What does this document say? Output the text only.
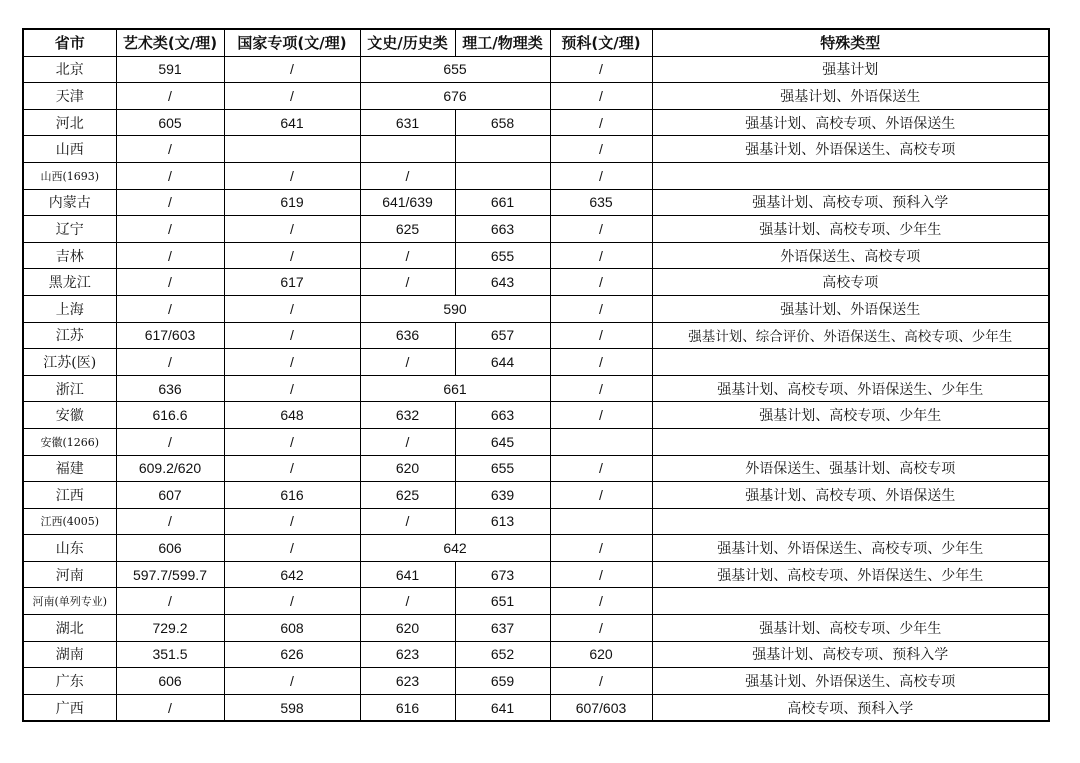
省市	艺术类(文/理)	国家专项(文/理)	文史/历史类	理工/物理类	预科(文/理)	特殊类型
北京	591	/	655		/	强基计划
天津	/	/	676		/	强基计划、外语保送生
河北	605	641	631	658	/	强基计划、高校专项、外语保送生
山西	/				/	强基计划、外语保送生、高校专项
山西(1693)	/	/	/		/	
内蒙古	/	619	641/639	661	635	强基计划、高校专项、预科入学
辽宁	/	/	625	663	/	强基计划、高校专项、少年生
吉林	/	/	/	655	/	外语保送生、高校专项
黑龙江	/	617	/	643	/	高校专项
上海	/	/	590		/	强基计划、外语保送生
江苏	617/603	/	636	657	/	强基计划、综合评价、外语保送生、高校专项、少年生
江苏(医)	/	/	/	644	/	
浙江	636	/	661		/	强基计划、高校专项、外语保送生、少年生
安徽	616.6	648	632	663	/	强基计划、高校专项、少年生
安徽(1266)	/	/	/	645		
福建	609.2/620	/	620	655	/	外语保送生、强基计划、高校专项
江西	607	616	625	639	/	强基计划、高校专项、外语保送生
江西(4005)	/	/	/	613		
山东	606	/	642		/	强基计划、外语保送生、高校专项、少年生
河南	597.7/599.7	642	641	673	/	强基计划、高校专项、外语保送生、少年生
河南(单列专业)	/	/	/	651	/	
湖北	729.2	608	620	637	/	强基计划、高校专项、少年生
湖南	351.5	626	623	652	620	强基计划、高校专项、预科入学
广东	606	/	623	659	/	强基计划、外语保送生、高校专项
广西	/	598	616	641	607/603	高校专项、预科入学
